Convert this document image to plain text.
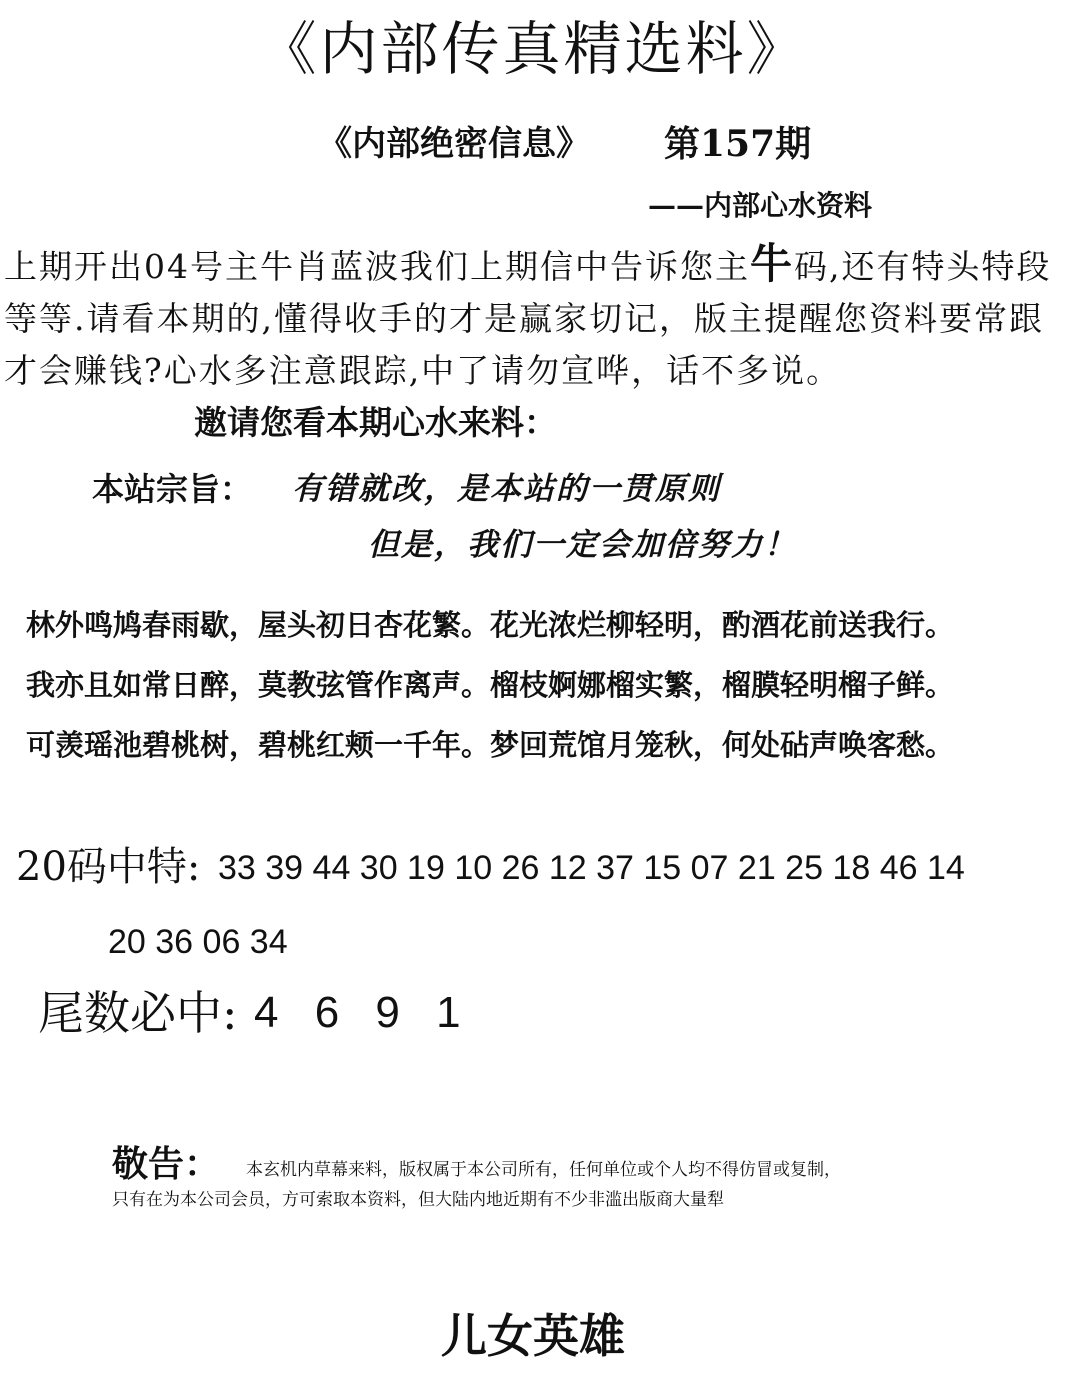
《内部传真精选料》
《内部绝密信息》 第157期
——内部心水资料
上期开出04号主牛肖蓝波我们上期信中告诉您主牛码,还有特头特段等等.请看本期的,懂得收手的才是赢家切记，版主提醒您资料要常跟才会赚钱?心水多注意跟踪,中了请勿宣哗，话不多说。邀请您看本期心水来料：
本站宗旨： 有错就改，是本站的一贯原则
但是，我们一定会加倍努力！
林外鸣鸠春雨歇，屋头初日杏花繁。花光浓烂柳轻明，酌酒花前送我行。
我亦且如常日醉，莫教弦管作离声。榴枝婀娜榴实繁，榴膜轻明榴子鲜。
可羡瑶池碧桃树，碧桃红颊一千年。梦回荒馆月笼秋，何处砧声唤客愁。
20码中特: 33 39 44 30 19 10 26 12 37 15 07 21 25 18 46 14
20 36 06 34
尾数必中: 4 6 9 1
敬告： 本玄机内草幕来料，版权属于本公司所有，任何单位或个人均不得仿冒或复制，
只有在为本公司会员，方可索取本资料，但大陆内地近期有不少非滥出版商大量犁
儿女英雄
